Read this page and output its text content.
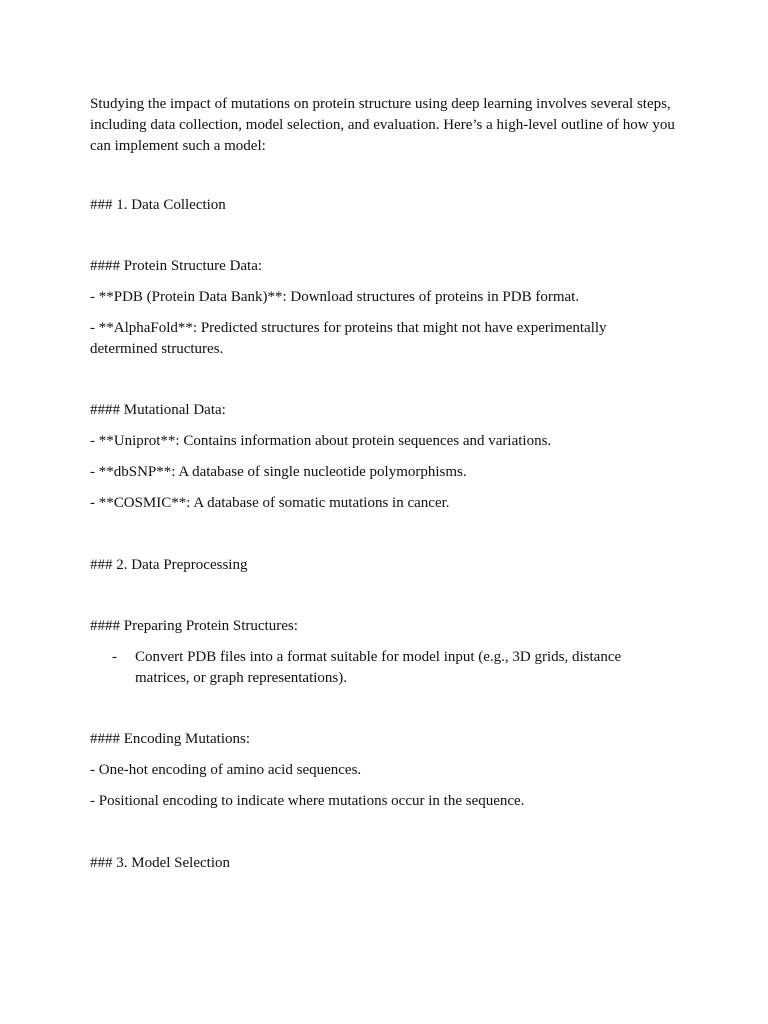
Studying the impact of mutations on protein structure using deep learning involves several steps, including data collection, model selection, and evaluation. Here’s a high-level outline of how you can implement such a model:

### 1. Data Collection

#### Protein Structure Data:

- **PDB (Protein Data Bank)**: Download structures of proteins in PDB format.

- **AlphaFold**: Predicted structures for proteins that might not have experimentally determined structures.

#### Mutational Data:

- **Uniprot**: Contains information about protein sequences and variations.

- **dbSNP**: A database of single nucleotide polymorphisms.

- **COSMIC**: A database of somatic mutations in cancer.

### 2. Data Preprocessing

#### Preparing Protein Structures:

- Convert PDB files into a format suitable for model input (e.g., 3D grids, distance matrices, or graph representations).

#### Encoding Mutations:

- One-hot encoding of amino acid sequences.

- Positional encoding to indicate where mutations occur in the sequence.

### 3. Model Selection
